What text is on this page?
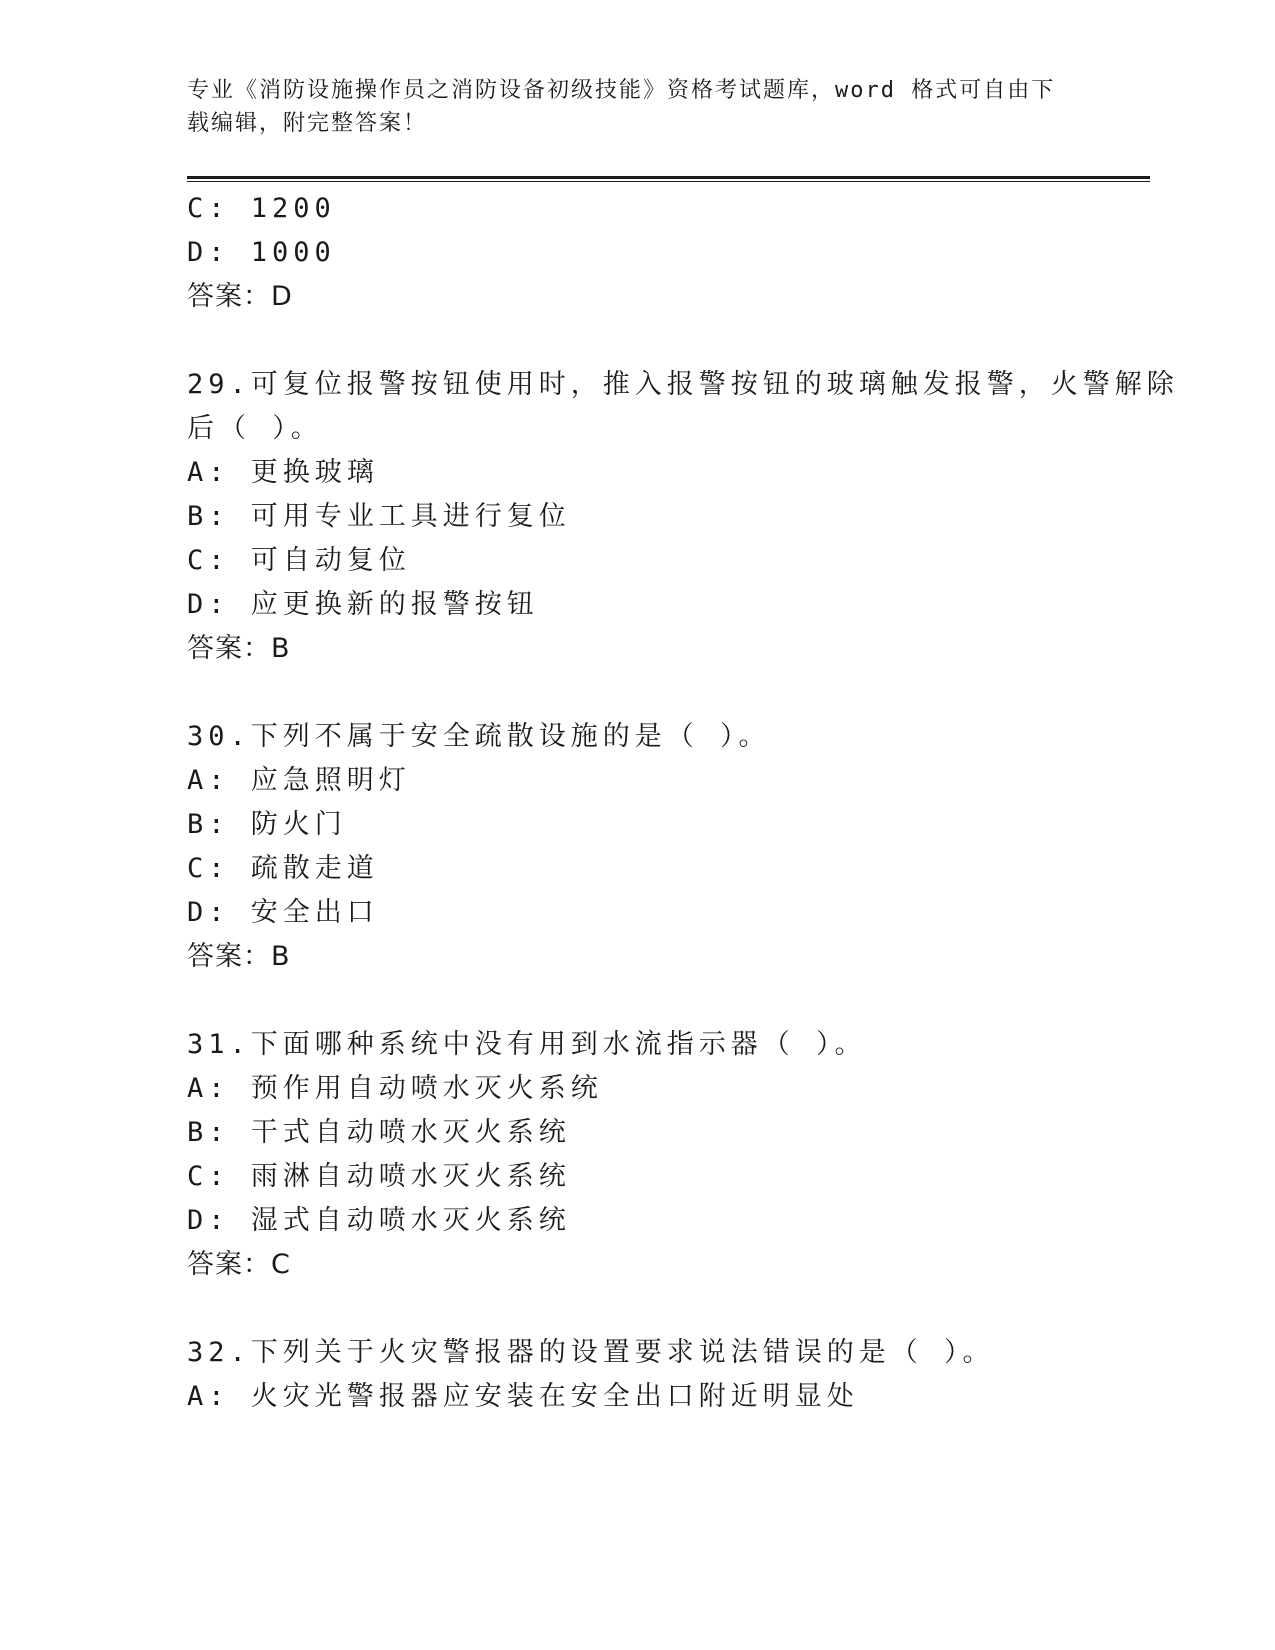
专业《消防设施操作员之消防设备初级技能》资格考试题库，word 格式可自由下
载编辑，附完整答案！
C: 1200
D: 1000
答案：D
29.可复位报警按钮使用时，推入报警按钮的玻璃触发报警，火警解除
后（ ）。
A: 更换玻璃
B: 可用专业工具进行复位
C: 可自动复位
D: 应更换新的报警按钮
答案：B
30.下列不属于安全疏散设施的是（ ）。
A: 应急照明灯
B: 防火门
C: 疏散走道
D: 安全出口
答案：B
31.下面哪种系统中没有用到水流指示器（ ）。
A: 预作用自动喷水灭火系统
B: 干式自动喷水灭火系统
C: 雨淋自动喷水灭火系统
D: 湿式自动喷水灭火系统
答案：C
32.下列关于火灾警报器的设置要求说法错误的是（ ）。
A: 火灾光警报器应安装在安全出口附近明显处
